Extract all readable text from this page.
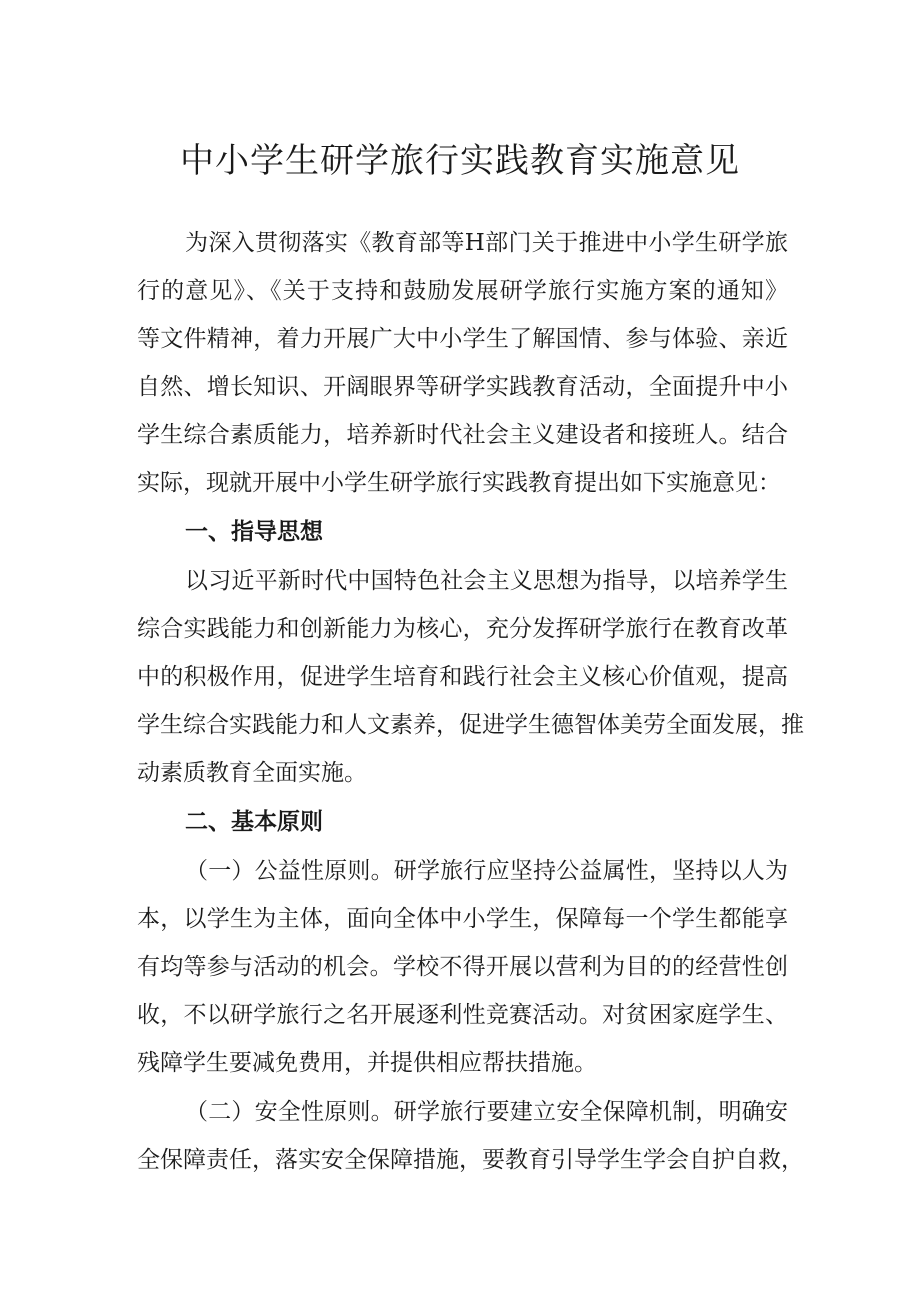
中小学生研学旅行实践教育实施意见
为深入贯彻落实《教育部等H部门关于推进中小学生研学旅
行的意见》、《关于支持和鼓励发展研学旅行实施方案的通知》
等文件精神，着力开展广大中小学生了解国情、参与体验、亲近
自然、增长知识、开阔眼界等研学实践教育活动，全面提升中小
学生综合素质能力，培养新时代社会主义建设者和接班人。结合
实际，现就开展中小学生研学旅行实践教育提出如下实施意见：
一、指导思想
以习近平新时代中国特色社会主义思想为指导，以培养学生
综合实践能力和创新能力为核心，充分发挥研学旅行在教育改革
中的积极作用，促进学生培育和践行社会主义核心价值观，提高
学生综合实践能力和人文素养，促进学生德智体美劳全面发展，推
动素质教育全面实施。
二、基本原则
（一）公益性原则。研学旅行应坚持公益属性，坚持以人为
本，以学生为主体，面向全体中小学生，保障每一个学生都能享
有均等参与活动的机会。学校不得开展以营利为目的的经营性创
收，不以研学旅行之名开展逐利性竞赛活动。对贫困家庭学生、
残障学生要减免费用，并提供相应帮扶措施。
（二）安全性原则。研学旅行要建立安全保障机制，明确安
全保障责任，落实安全保障措施，要教育引导学生学会自护自救，
